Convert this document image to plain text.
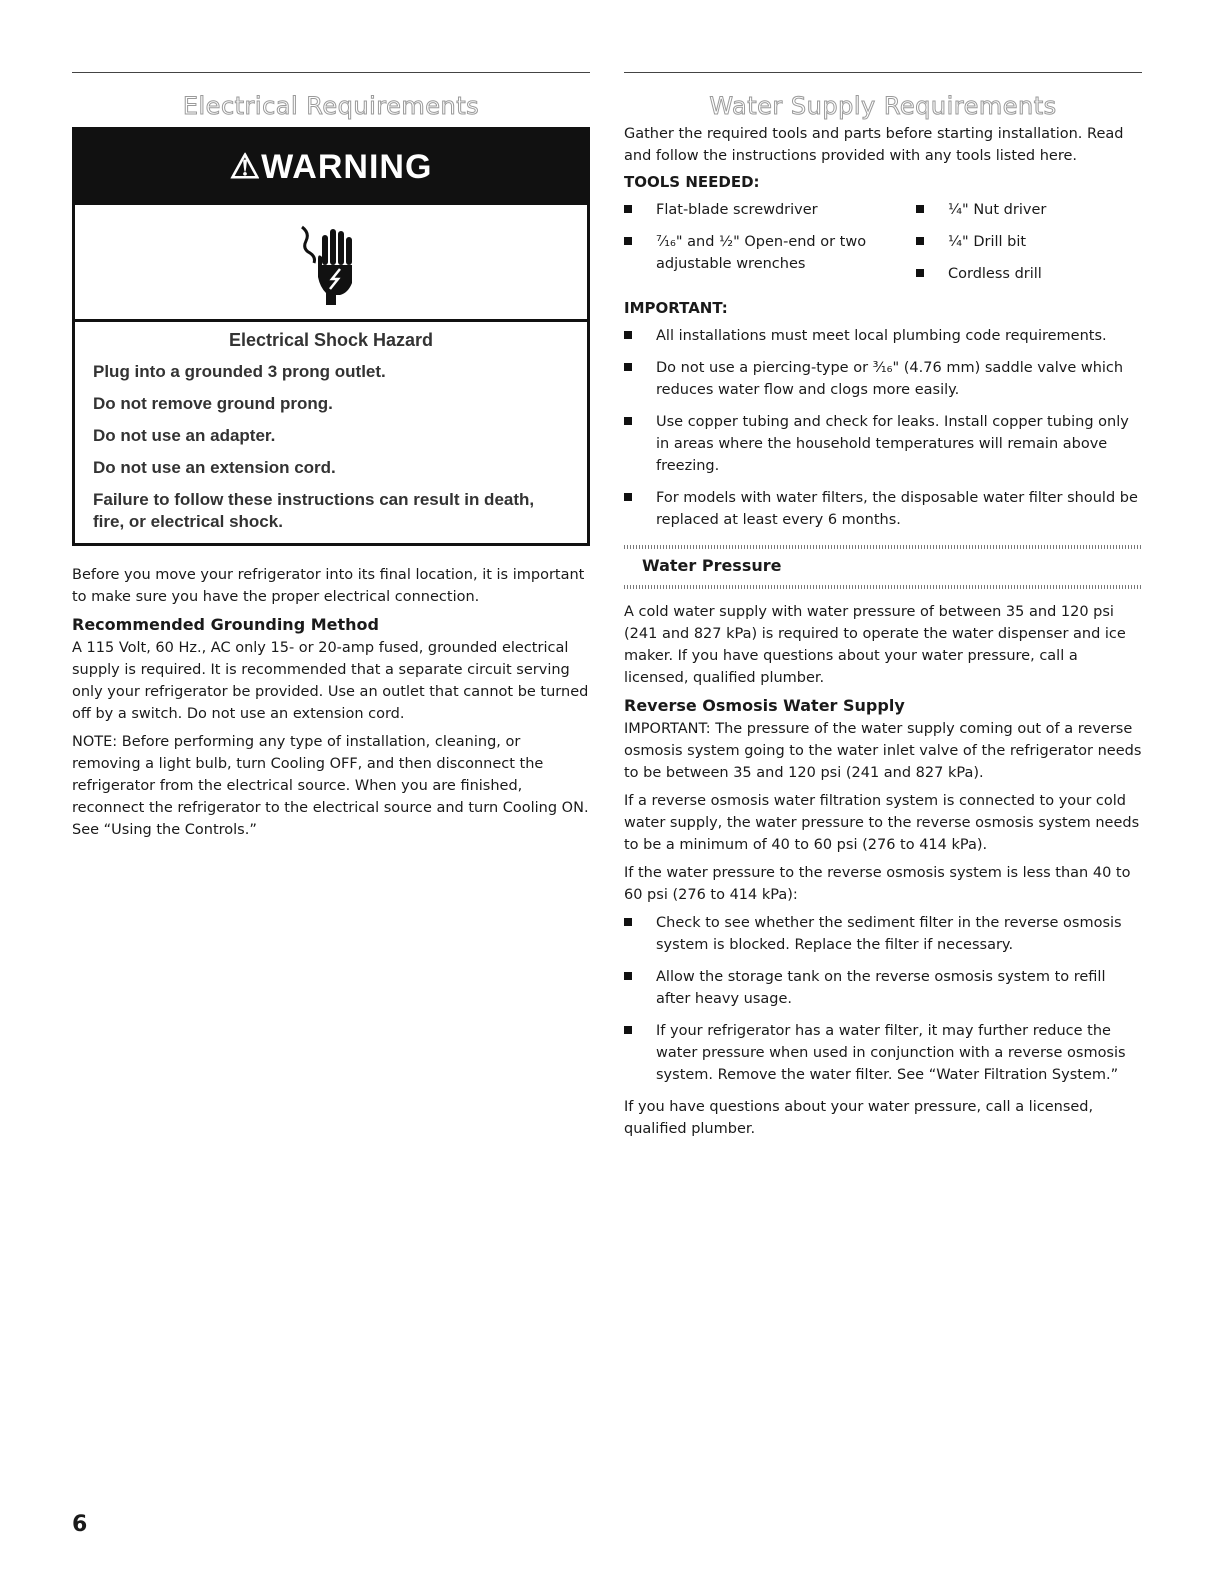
Electrical Requirements
⚠WARNING
Electrical Shock Hazard
Plug into a grounded 3 prong outlet.
Do not remove ground prong.
Do not use an adapter.
Do not use an extension cord.
Failure to follow these instructions can result in death, fire, or electrical shock.

Before you move your refrigerator into its final location, it is important to make sure you have the proper electrical connection.

Recommended Grounding Method

A 115 Volt, 60 Hz., AC only 15- or 20-amp fused, grounded electrical supply is required. It is recommended that a separate circuit serving only your refrigerator be provided. Use an outlet that cannot be turned off by a switch. Do not use an extension cord.

NOTE: Before performing any type of installation, cleaning, or removing a light bulb, turn Cooling OFF, and then disconnect the refrigerator from the electrical source. When you are finished, reconnect the refrigerator to the electrical source and turn Cooling ON. See “Using the Controls.”

Water Supply Requirements

Gather the required tools and parts before starting installation. Read and follow the instructions provided with any tools listed here.

TOOLS NEEDED:
Flat-blade screwdriver
⁷⁄₁₆" and ½" Open-end or two adjustable wrenches
¼" Nut driver
¼" Drill bit
Cordless drill
IMPORTANT:
All installations must meet local plumbing code requirements.
Do not use a piercing-type or ³⁄₁₆" (4.76 mm) saddle valve which reduces water flow and clogs more easily.
Use copper tubing and check for leaks. Install copper tubing only in areas where the household temperatures will remain above freezing.
For models with water filters, the disposable water filter should be replaced at least every 6 months.
Water Pressure

A cold water supply with water pressure of between 35 and 120 psi (241 and 827 kPa) is required to operate the water dispenser and ice maker. If you have questions about your water pressure, call a licensed, qualified plumber.

Reverse Osmosis Water Supply

IMPORTANT: The pressure of the water supply coming out of a reverse osmosis system going to the water inlet valve of the refrigerator needs to be between 35 and 120 psi (241 and 827 kPa).

If a reverse osmosis water filtration system is connected to your cold water supply, the water pressure to the reverse osmosis system needs to be a minimum of 40 to 60 psi (276 to 414 kPa).

If the water pressure to the reverse osmosis system is less than 40 to 60 psi (276 to 414 kPa):

Check to see whether the sediment filter in the reverse osmosis system is blocked. Replace the filter if necessary.
Allow the storage tank on the reverse osmosis system to refill after heavy usage.
If your refrigerator has a water filter, it may further reduce the water pressure when used in conjunction with a reverse osmosis system. Remove the water filter. See “Water Filtration System.”

If you have questions about your water pressure, call a licensed, qualified plumber.

6
